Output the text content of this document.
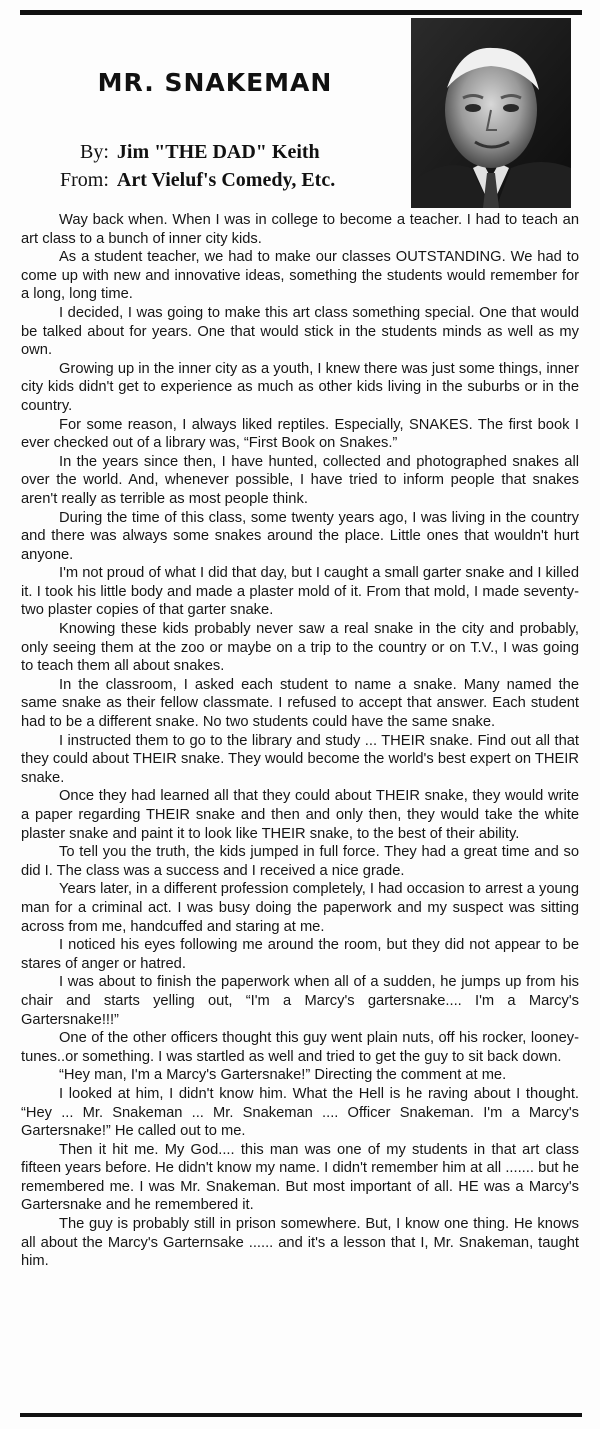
MR. SNAKEMAN
By: Jim "THE DAD" Keith
From: Art Vieluf's Comedy, Etc.

Way back when. When I was in college to become a teacher. I had to teach an art class to a bunch of inner city kids.

As a student teacher, we had to make our classes OUTSTANDING. We had to come up with new and innovative ideas, something the students would remember for a long, long time.

I decided, I was going to make this art class something special. One that would be talked about for years. One that would stick in the students minds as well as my own.

Growing up in the inner city as a youth, I knew there was just some things, inner city kids didn't get to experience as much as other kids living in the suburbs or in the country.

For some reason, I always liked reptiles. Especially, SNAKES. The first book I ever checked out of a library was, “First Book on Snakes.”

In the years since then, I have hunted, collected and photographed snakes all over the world. And, whenever possible, I have tried to inform people that snakes aren't really as terrible as most people think.

During the time of this class, some twenty years ago, I was living in the country and there was always some snakes around the place. Little ones that wouldn't hurt anyone.

I'm not proud of what I did that day, but I caught a small garter snake and I killed it. I took his little body and made a plaster mold of it. From that mold, I made seventy-two plaster copies of that garter snake.

Knowing these kids probably never saw a real snake in the city and probably, only seeing them at the zoo or maybe on a trip to the country or on T.V., I was going to teach them all about snakes.

In the classroom, I asked each student to name a snake. Many named the same snake as their fellow classmate. I refused to accept that answer. Each student had to be a different snake. No two students could have the same snake.

I instructed them to go to the library and study ... THEIR snake. Find out all that they could about THEIR snake. They would become the world's best expert on THEIR snake.

Once they had learned all that they could about THEIR snake, they would write a paper regarding THEIR snake and then and only then, they would take the white plaster snake and paint it to look like THEIR snake, to the best of their ability.

To tell you the truth, the kids jumped in full force. They had a great time and so did I. The class was a success and I received a nice grade.

Years later, in a different profession completely, I had occasion to arrest a young man for a criminal act. I was busy doing the paperwork and my suspect was sitting across from me, handcuffed and staring at me.

I noticed his eyes following me around the room, but they did not appear to be stares of anger or hatred.

I was about to finish the paperwork when all of a sudden, he jumps up from his chair and starts yelling out, “I'm a Marcy's gartersnake.... I'm a Marcy's Gartersnake!!!”

One of the other officers thought this guy went plain nuts, off his rocker, looney-tunes..or something. I was startled as well and tried to get the guy to sit back down.

“Hey man, I'm a Marcy's Gartersnake!” Directing the comment at me.

I looked at him, I didn't know him. What the Hell is he raving about I thought. “Hey ... Mr. Snakeman ... Mr. Snakeman .... Officer Snakeman. I'm a Marcy's Gartersnake!” He called out to me.

Then it hit me. My God.... this man was one of my students in that art class fifteen years before. He didn't know my name. I didn't remember him at all ....... but he remembered me. I was Mr. Snakeman. But most important of all. HE was a Marcy's Gartersnake and he remembered it.

The guy is probably still in prison somewhere. But, I know one thing. He knows all about the Marcy's Garternsake ...... and it's a lesson that I, Mr. Snakeman, taught him.
